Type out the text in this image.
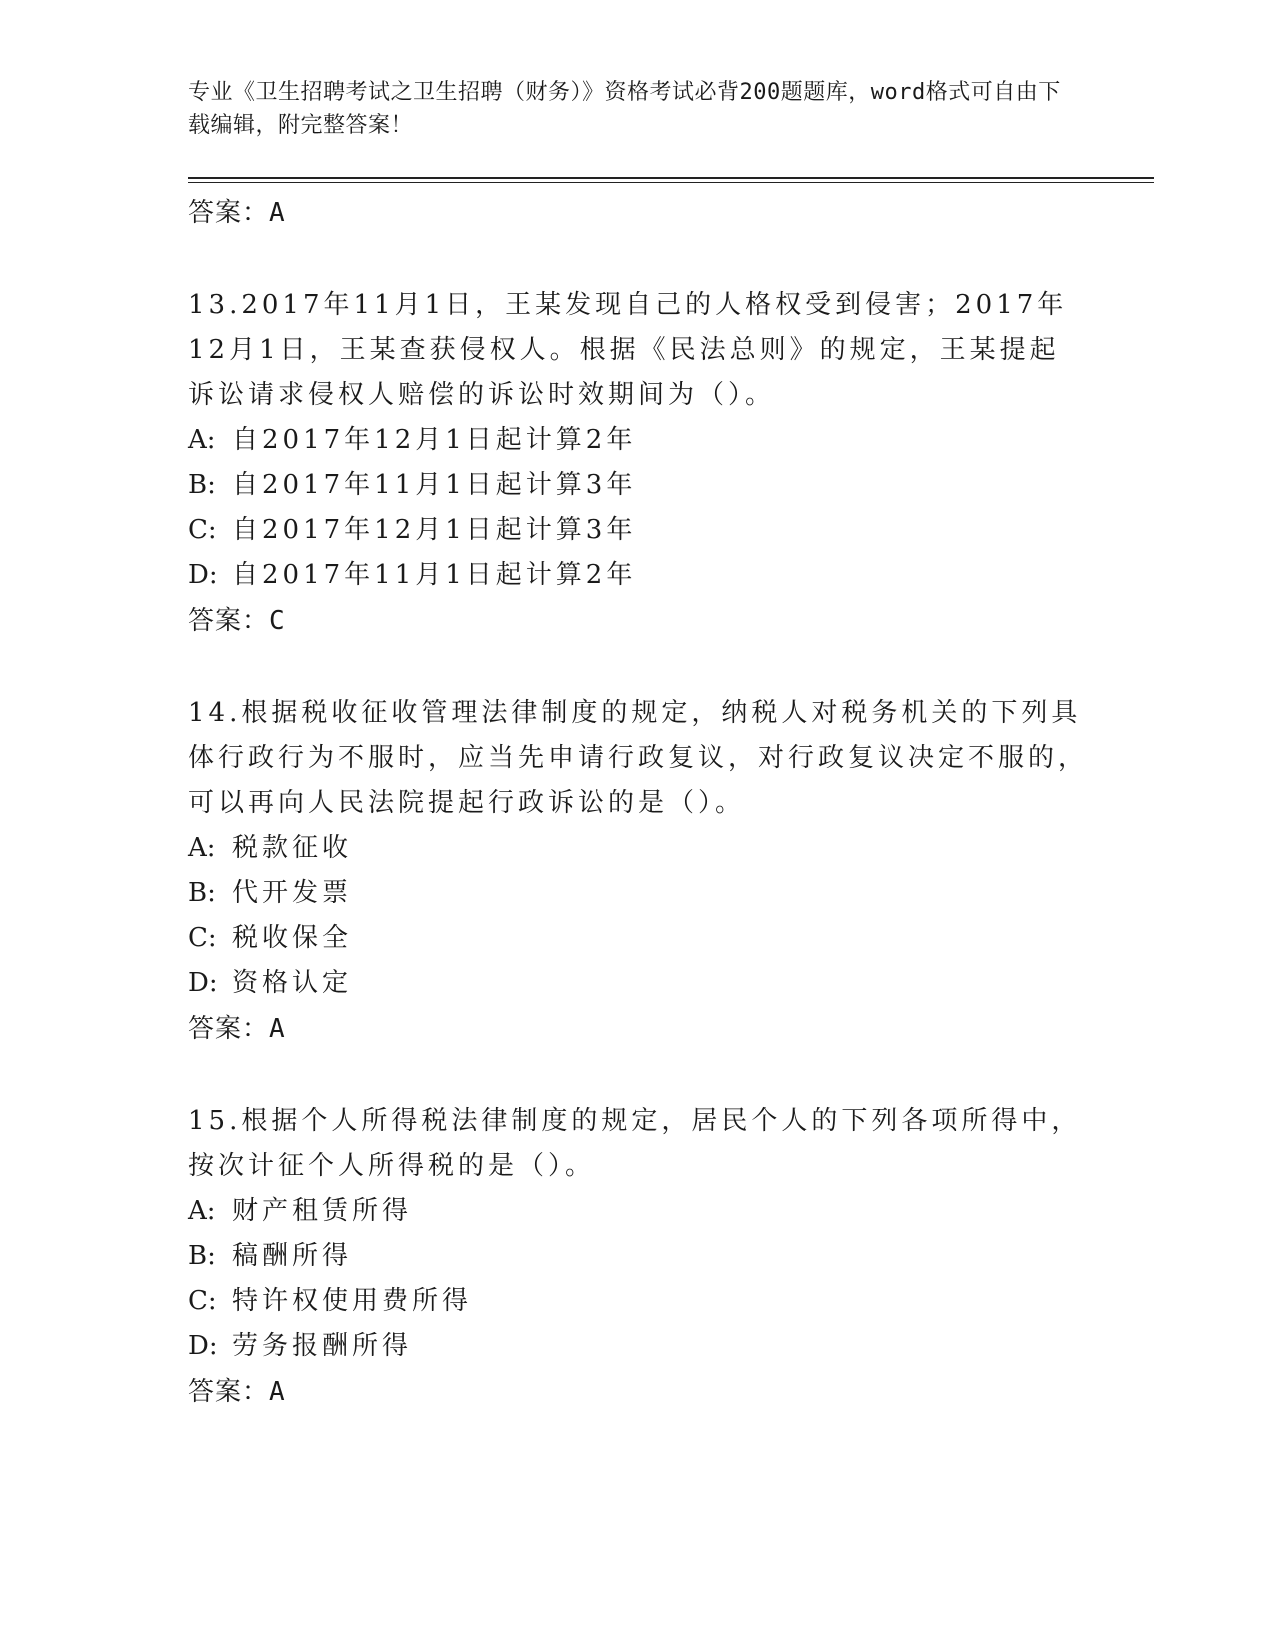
专业《卫生招聘考试之卫生招聘（财务）》资格考试必背200题题库，word格式可自由下载编辑，附完整答案！
答案：A

13.2017年11月1日，王某发现自己的人格权受到侵害；2017年12月1日，王某查获侵权人。根据《民法总则》的规定，王某提起诉讼请求侵权人赔偿的诉讼时效期间为（）。

A: 自2017年12月1日起计算2年
B: 自2017年11月1日起计算3年
C: 自2017年12月1日起计算3年
D: 自2017年11月1日起计算2年
答案：C

14.根据税收征收管理法律制度的规定，纳税人对税务机关的下列具体行政行为不服时，应当先申请行政复议，对行政复议决定不服的，可以再向人民法院提起行政诉讼的是（）。

A: 税款征收
B: 代开发票
C: 税收保全
D: 资格认定
答案：A

15.根据个人所得税法律制度的规定，居民个人的下列各项所得中，按次计征个人所得税的是（）。

A: 财产租赁所得
B: 稿酬所得
C: 特许权使用费所得
D: 劳务报酬所得
答案：A
